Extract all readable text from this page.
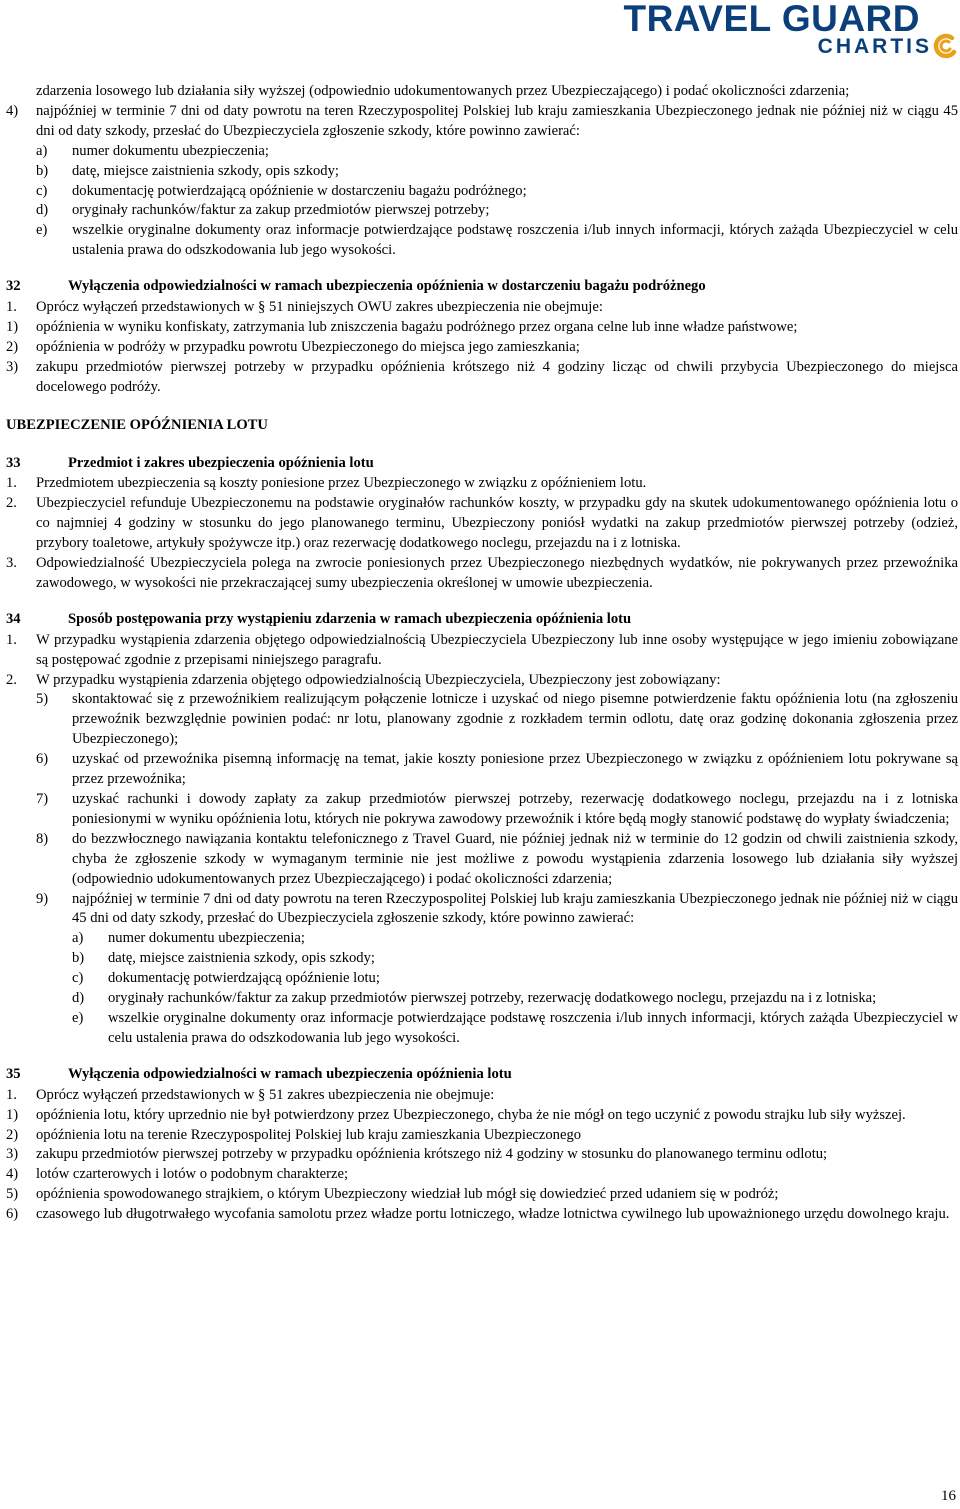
TRAVEL GUARD
CHARTIS

zdarzenia losowego lub działania siły wyższej (odpowiednio udokumentowanych przez Ubezpieczającego) i podać okoliczności zdarzenia;

4)	najpóźniej w terminie 7 dni od daty powrotu na teren Rzeczypospolitej Polskiej lub kraju zamieszkania Ubezpieczonego jednak nie później niż w ciągu 45 dni od daty szkody, przesłać do Ubezpieczyciela zgłoszenie szkody, które powinno zawierać:
a)	numer dokumentu ubezpieczenia;
b)	datę, miejsce zaistnienia szkody, opis szkody;
c)	dokumentację potwierdzającą opóźnienie w dostarczeniu bagażu podróżnego;
d)	oryginały rachunków/faktur za zakup przedmiotów pierwszej potrzeby;
e)	wszelkie oryginalne dokumenty oraz informacje potwierdzające podstawę roszczenia i/lub innych informacji, których zażąda Ubezpieczyciel w celu ustalenia prawa do odszkodowania lub jego wysokości.
32	Wyłączenia odpowiedzialności w ramach ubezpieczenia opóźnienia w dostarczeniu bagażu podróżnego
1.	Oprócz wyłączeń przedstawionych w § 51 niniejszych OWU zakres ubezpieczenia nie obejmuje:
1)	opóźnienia w wyniku konfiskaty, zatrzymania lub zniszczenia bagażu podróżnego przez organa celne lub inne władze państwowe;
2)	opóźnienia w podróży w przypadku powrotu Ubezpieczonego do miejsca jego zamieszkania;
3)	zakupu przedmiotów pierwszej potrzeby w przypadku opóźnienia krótszego niż 4 godziny licząc od chwili przybycia Ubezpieczonego do miejsca docelowego podróży.
UBEZPIECZENIE OPÓŹNIENIA LOTU
33	Przedmiot i zakres ubezpieczenia opóźnienia lotu
1.	Przedmiotem ubezpieczenia są koszty poniesione przez Ubezpieczonego w związku z opóźnieniem lotu.
2.	Ubezpieczyciel refunduje Ubezpieczonemu na podstawie oryginałów rachunków koszty, w przypadku gdy na skutek udokumentowanego opóźnienia lotu o co najmniej 4 godziny w stosunku do jego planowanego terminu, Ubezpieczony poniósł wydatki na zakup przedmiotów pierwszej potrzeby (odzież, przybory toaletowe, artykuły spożywcze itp.) oraz rezerwację dodatkowego noclegu, przejazdu na i z lotniska.
3.	Odpowiedzialność Ubezpieczyciela polega na zwrocie poniesionych przez Ubezpieczonego niezbędnych wydatków, nie pokrywanych przez przewoźnika zawodowego, w wysokości nie przekraczającej sumy ubezpieczenia określonej w umowie ubezpieczenia.
34	Sposób postępowania przy wystąpieniu zdarzenia w ramach ubezpieczenia opóźnienia lotu
1.	W przypadku wystąpienia zdarzenia objętego odpowiedzialnością Ubezpieczyciela Ubezpieczony lub inne osoby występujące w jego imieniu zobowiązane są postępować zgodnie z przepisami niniejszego paragrafu.
2.	W przypadku wystąpienia zdarzenia objętego odpowiedzialnością Ubezpieczyciela, Ubezpieczony jest zobowiązany:
5)	skontaktować się z przewoźnikiem realizującym połączenie lotnicze i uzyskać od niego pisemne potwierdzenie faktu opóźnienia lotu (na zgłoszeniu przewoźnik bezwzględnie powinien podać: nr lotu, planowany zgodnie z rozkładem termin odlotu, datę oraz godzinę dokonania zgłoszenia przez Ubezpieczonego);
6)	uzyskać od przewoźnika pisemną informację na temat, jakie koszty poniesione przez Ubezpieczonego w związku z opóźnieniem lotu pokrywane są przez przewoźnika;
7)	uzyskać rachunki i dowody zapłaty za zakup przedmiotów pierwszej potrzeby, rezerwację dodatkowego noclegu, przejazdu na i z lotniska poniesionymi w wyniku opóźnienia lotu, których nie pokrywa zawodowy przewoźnik i które będą mogły stanowić podstawę do wypłaty świadczenia;
8)	do bezzwłocznego nawiązania kontaktu telefonicznego z Travel Guard, nie później jednak niż w terminie do 12 godzin od chwili zaistnienia szkody, chyba że zgłoszenie szkody w wymaganym terminie nie jest możliwe z powodu wystąpienia zdarzenia losowego lub działania siły wyższej (odpowiednio udokumentowanych przez Ubezpieczającego) i podać okoliczności zdarzenia;
9)	najpóźniej w terminie 7 dni od daty powrotu na teren Rzeczypospolitej Polskiej lub kraju zamieszkania Ubezpieczonego jednak nie później niż w ciągu 45 dni od daty szkody, przesłać do Ubezpieczyciela zgłoszenie szkody, które powinno zawierać:
a)	numer dokumentu ubezpieczenia;
b)	datę, miejsce zaistnienia szkody, opis szkody;
c)	dokumentację potwierdzającą opóźnienie lotu;
d)	oryginały rachunków/faktur za zakup przedmiotów pierwszej potrzeby, rezerwację dodatkowego noclegu, przejazdu na i z lotniska;
e)	wszelkie oryginalne dokumenty oraz informacje potwierdzające podstawę roszczenia i/lub innych informacji, których zażąda Ubezpieczyciel w celu ustalenia prawa do odszkodowania lub jego wysokości.
35	Wyłączenia odpowiedzialności w ramach ubezpieczenia opóźnienia lotu
1.	Oprócz wyłączeń przedstawionych w § 51 zakres ubezpieczenia nie obejmuje:
1)	opóźnienia lotu, który uprzednio nie był potwierdzony przez Ubezpieczonego, chyba że nie mógł on tego uczynić z powodu strajku lub siły wyższej.
2)	opóźnienia lotu na terenie Rzeczypospolitej Polskiej lub kraju zamieszkania Ubezpieczonego
3)	zakupu przedmiotów pierwszej potrzeby w przypadku opóźnienia krótszego niż 4 godziny w stosunku do planowanego terminu odlotu;
4)	lotów czarterowych i lotów o podobnym charakterze;
5)	opóźnienia spowodowanego strajkiem, o którym Ubezpieczony wiedział lub mógł się dowiedzieć przed udaniem się w podróż;
6)	czasowego lub długotrwałego wycofania samolotu przez władze portu lotniczego, władze lotnictwa cywilnego lub upoważnionego urzędu dowolnego kraju.
16
